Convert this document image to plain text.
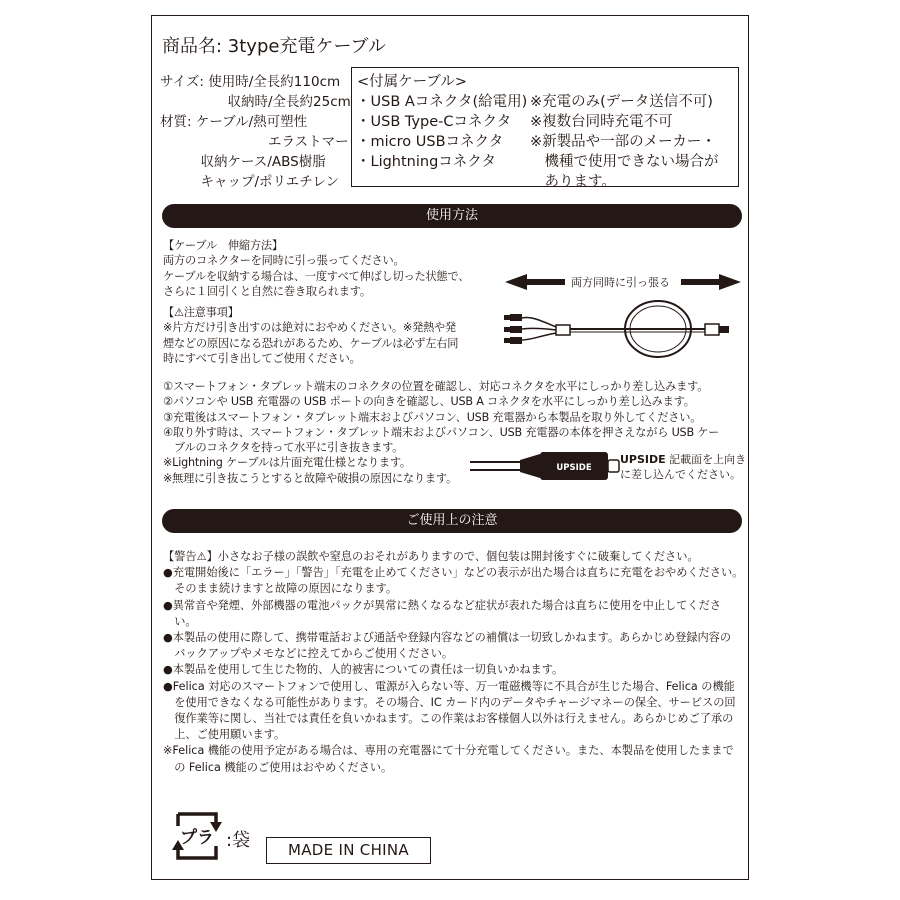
商品名: 3type充電ケーブル
サイズ: 使用時/全長約110cm
　　　　　収納時/全長約25cm
材質: ケーブル/熱可塑性
　　　　　　　　エラストマー
　　　収納ケース/ABS樹脂
　　　キャップ/ポリエチレン
<付属ケーブル>
・USB Aコネクタ(給電用)
・USB Type-Cコネクタ
・micro USBコネクタ
・Lightningコネクタ
※充電のみ(データ送信不可)
※複数台同時充電不可
※新製品や一部のメーカー・
　機種で使用できない場合が
　あります。
使用方法
【ケーブル　伸縮方法】
両方のコネクターを同時に引っ張ってください。
ケーブルを収納する場合は、一度すべて伸ばし切った状態で、
さらに１回引くと自然に巻き取られます。
【⚠注意事項】
※片方だけ引き出すのは絶対におやめください。※発熱や発
煙などの原因になる恐れがあるため、ケーブルは必ず左右同
時にすべて引き出してご使用ください。
両方同時に引っ張る
①スマートフォン・タブレット端末のコネクタの位置を確認し、対応コネクタを水平にしっかり差し込みます。
②パソコンや USB 充電器の USB ポートの向きを確認し、USB A コネクタを水平にしっかり差し込みます。
③充電後はスマートフォン・タブレット端末およびパソコン、USB 充電器から本製品を取り外してください。
④取り外す時は、スマートフォン・タブレット端末およびパソコン、USB 充電器の本体を押さえながら USB ケー
　ブルのコネクタを持って水平に引き抜きます。
※Lightning ケーブルは片面充電仕様となります。
※無理に引き抜こうとすると故障や破損の原因になります。
UPSIDE
UPSIDE 記載面を上向き
に差し込んでください。
ご使用上の注意
【警告⚠】小さなお子様の誤飲や窒息のおそれがありますので、個包装は開封後すぐに破棄してください。
●充電開始後に「エラー」「警告」「充電を止めてください」などの表示が出た場合は直ちに充電をおやめください。
　そのまま続けますと故障の原因になります。
●異常音や発煙、外部機器の電池パックが異常に熱くなるなど症状が表れた場合は直ちに使用を中止してくださ
　い。
●本製品の使用に際して、携帯電話および通話や登録内容などの補償は一切致しかねます。あらかじめ登録内容の
　バックアップやメモなどに控えてからご使用ください。
●本製品を使用して生じた物的、人的被害についての責任は一切負いかねます。
●Felica 対応のスマートフォンで使用し、電源が入らない等、万一電磁機等に不具合が生じた場合、Felica の機能
　を使用できなくなる可能性があります。その場合、IC カード内のデータやチャージマネーの保全、サービスの回
　復作業等に関し、当社では責任を負いかねます。この作業はお客様個人以外は行えません。あらかじめご了承の
　上、ご使用願います。
※Felica 機能の使用予定がある場合は、専用の充電器にて十分充電してください。また、本製品を使用したままで
　の Felica 機能のご使用はおやめください。
プラ :袋	MADE IN CHINA
